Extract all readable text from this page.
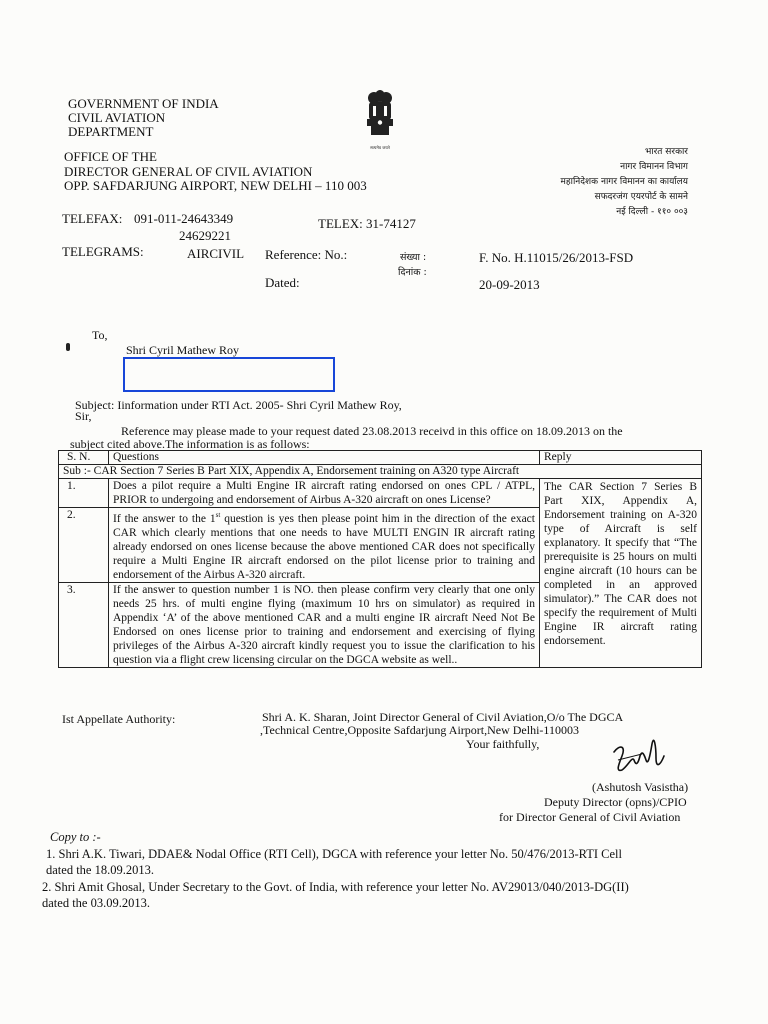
GOVERNMENT OF INDIA
CIVIL AVIATION
DEPARTMENT
सत्यमेव जयते
OFFICE OF THE
DIRECTOR GENERAL OF CIVIL AVIATION
OPP. SAFDARJUNG AIRPORT, NEW DELHI – 110 003
भारत सरकार
नागर विमानन विभाग
महानिदेशक नागर विमानन का कार्यालय
सफदरजंग एयरपोर्ट के सामने
नई दिल्ली - ११० ००३
TELEFAX: 091-011-24643349
24629221
TELEX: 31-74127
TELEGRAMS:	AIRCIVIL Reference: No.:	संख्या :
दिनांक :
F. No. H.11015/26/2013-FSD
Dated:	20-09-2013
To,
Shri Cyril Mathew Roy
Subject: Iinformation under RTI Act. 2005- Shri Cyril Mathew Roy,
Sir,
Reference may please made to your request dated 23.08.2013 receivd in this office on 18.09.2013 on the
subject cited above.The information is as follows:
S. N.	Questions	Reply
Sub :- CAR Section 7 Series B Part XIX, Appendix A, Endorsement training on A320 type Aircraft		
1.	Does a pilot require a Multi Engine IR aircraft rating endorsed on ones CPL / ATPL, PRIOR to undergoing and endorsement of Airbus A-320 aircraft on ones License?	The CAR Section 7 Series B Part XIX, Appendix A, Endorsement training on A-320 type of Aircraft is self explanatory. It specify that “The prerequisite is 25 hours on multi engine aircraft (10 hours can be completed in an approved simulator).” The CAR does not specify the requirement of Multi Engine IR aircraft rating endorsement.
2.	If the answer to the 1st question is yes then please point him in the direction of the exact CAR which clearly mentions that one needs to have MULTI ENGIN IR aircraft rating already endorsed on ones license because the above mentioned CAR does not specifically require a Multi Engine IR aircraft endorsed on the pilot license prior to training and endorsement of the Airbus A-320 aircraft.	
3.	If the answer to question number 1 is NO. then please confirm very clearly that one only needs 25 hrs. of multi engine flying (maximum 10 hrs on simulator) as required in Appendix ‘A’ of the above mentioned CAR and a multi engine IR aircraft Need Not Be Endorsed on ones license prior to training and endorsement and exercising of flying privileges of the Airbus A-320 aircraft kindly request you to issue the clarification to his question via a flight crew licensing circular on the DGCA website as well..	
Ist Appellate Authority:	Shri A. K. Sharan, Joint Director General of Civil Aviation,O/o The DGCA
,Technical Centre,Opposite Safdarjung Airport,New Delhi-110003
Your faithfully,
(Ashutosh Vasistha)
Deputy Director (opns)/CPIO
for Director General of Civil Aviation
Copy to :-
1. Shri A.K. Tiwari, DDAE& Nodal Office (RTI Cell), DGCA with reference your letter No. 50/476/2013-RTI Cell
dated the 18.09.2013.
2. Shri Amit Ghosal, Under Secretary to the Govt. of India, with reference your letter No. AV29013/040/2013-DG(II)
dated the 03.09.2013.
